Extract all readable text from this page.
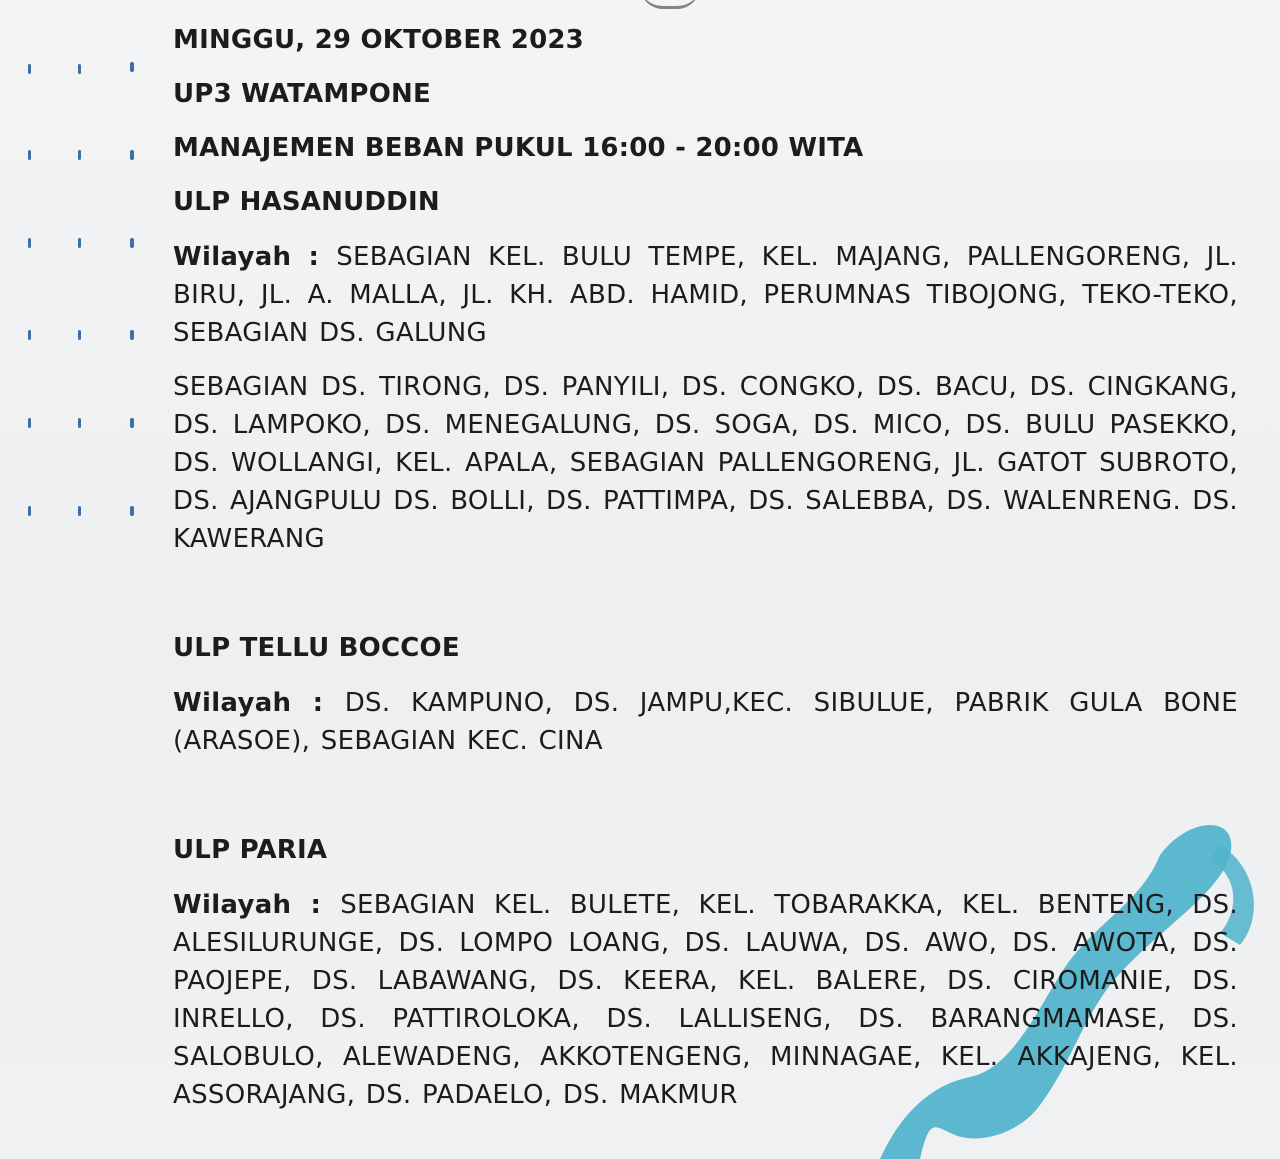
MINGGU, 29 OKTOBER 2023
UP3 WATAMPONE
MANAJEMEN BEBAN PUKUL 16:00 - 20:00 WITA
ULP HASANUDDIN

Wilayah : SEBAGIAN KEL. BULU TEMPE, KEL. MAJANG, PALLENGORENG, JL. BIRU, JL. A. MALLA, JL. KH. ABD. HAMID, PERUMNAS TIBOJONG, TEKO-TEKO, SEBAGIAN DS. GALUNG

SEBAGIAN DS. TIRONG, DS. PANYILI, DS. CONGKO, DS. BACU, DS. CINGKANG, DS. LAMPOKO, DS. MENEGALUNG, DS. SOGA, DS. MICO, DS. BULU PASEKKO, DS. WOLLANGI, KEL. APALA, SEBAGIAN PALLENGORENG, JL. GATOT SUBROTO, DS. AJANGPULU DS. BOLLI, DS. PATTIMPA, DS. SALEBBA, DS. WALENRENG. DS. KAWERANG

ULP TELLU BOCCOE

Wilayah : DS. KAMPUNO, DS. JAMPU,KEC. SIBULUE, PABRIK GULA BONE (ARASOE), SEBAGIAN KEC. CINA

ULP PARIA

Wilayah : SEBAGIAN KEL. BULETE, KEL. TOBARAKKA, KEL. BENTENG, DS. ALESILURUNGE, DS. LOMPO LOANG, DS. LAUWA, DS. AWO, DS. AWOTA, DS. PAOJEPE, DS. LABAWANG, DS. KEERA, KEL. BALERE, DS. CIROMANIE, DS. INRELLO, DS. PATTIROLOKA, DS. LALLISENG, DS. BARANGMAMASE, DS. SALOBULO, ALEWADENG, AKKOTENGENG, MINNAGAE, KEL. AKKAJENG, KEL. ASSORAJANG, DS. PADAELO, DS. MAKMUR
